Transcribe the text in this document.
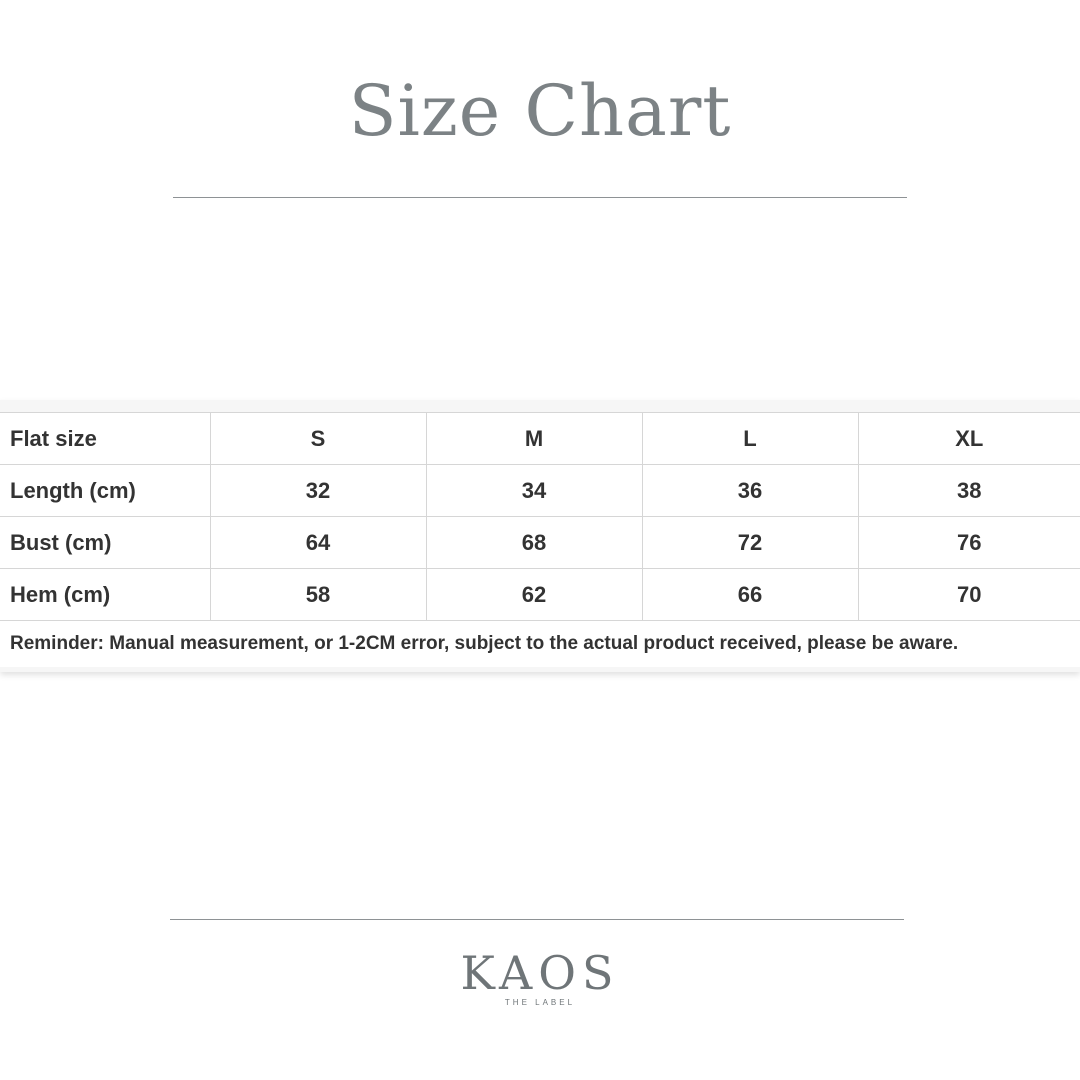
Size Chart
Flat size	S	M	L	XL
Length (cm)	32	34	36	38
Bust (cm)	64	68	72	76
Hem (cm)	58	62	66	70
Reminder: Manual measurement, or 1-2CM error, subject to the actual product received, please be aware.				
KAOS
THE LABEL
